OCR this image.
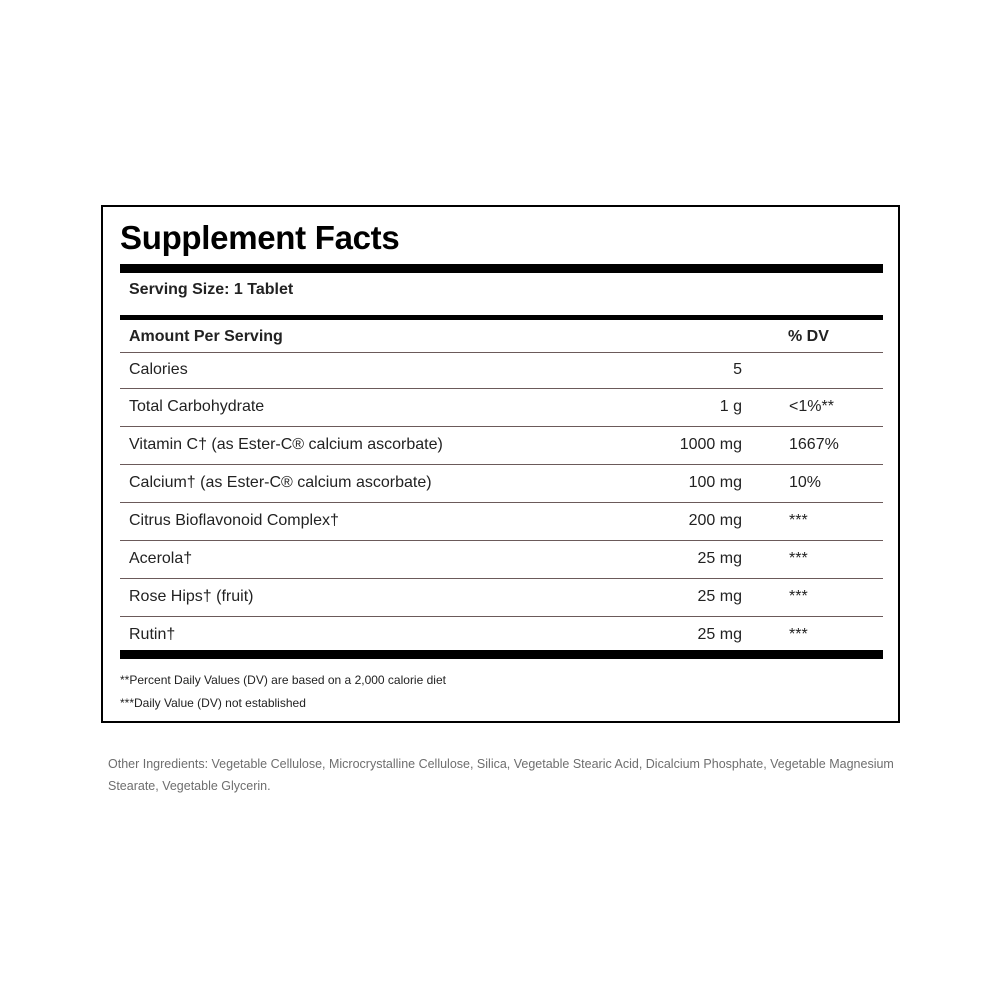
Supplement Facts
Serving Size: 1 Tablet
Amount Per Serving	% DV
Calories	5
Total Carbohydrate	1 g	<1%**
Vitamin C† (as Ester-C® calcium ascorbate)	1000 mg	1667%
Calcium† (as Ester-C® calcium ascorbate)	100 mg	10%
Citrus Bioflavonoid Complex†	200 mg	***
Acerola†	25 mg	***
Rose Hips† (fruit)	25 mg	***
Rutin†	25 mg	***
**Percent Daily Values (DV) are based on a 2,000 calorie diet
***Daily Value (DV) not established
Other Ingredients: Vegetable Cellulose, Microcrystalline Cellulose, Silica, Vegetable Stearic Acid, Dicalcium Phosphate, Vegetable Magnesium Stearate, Vegetable Glycerin.
